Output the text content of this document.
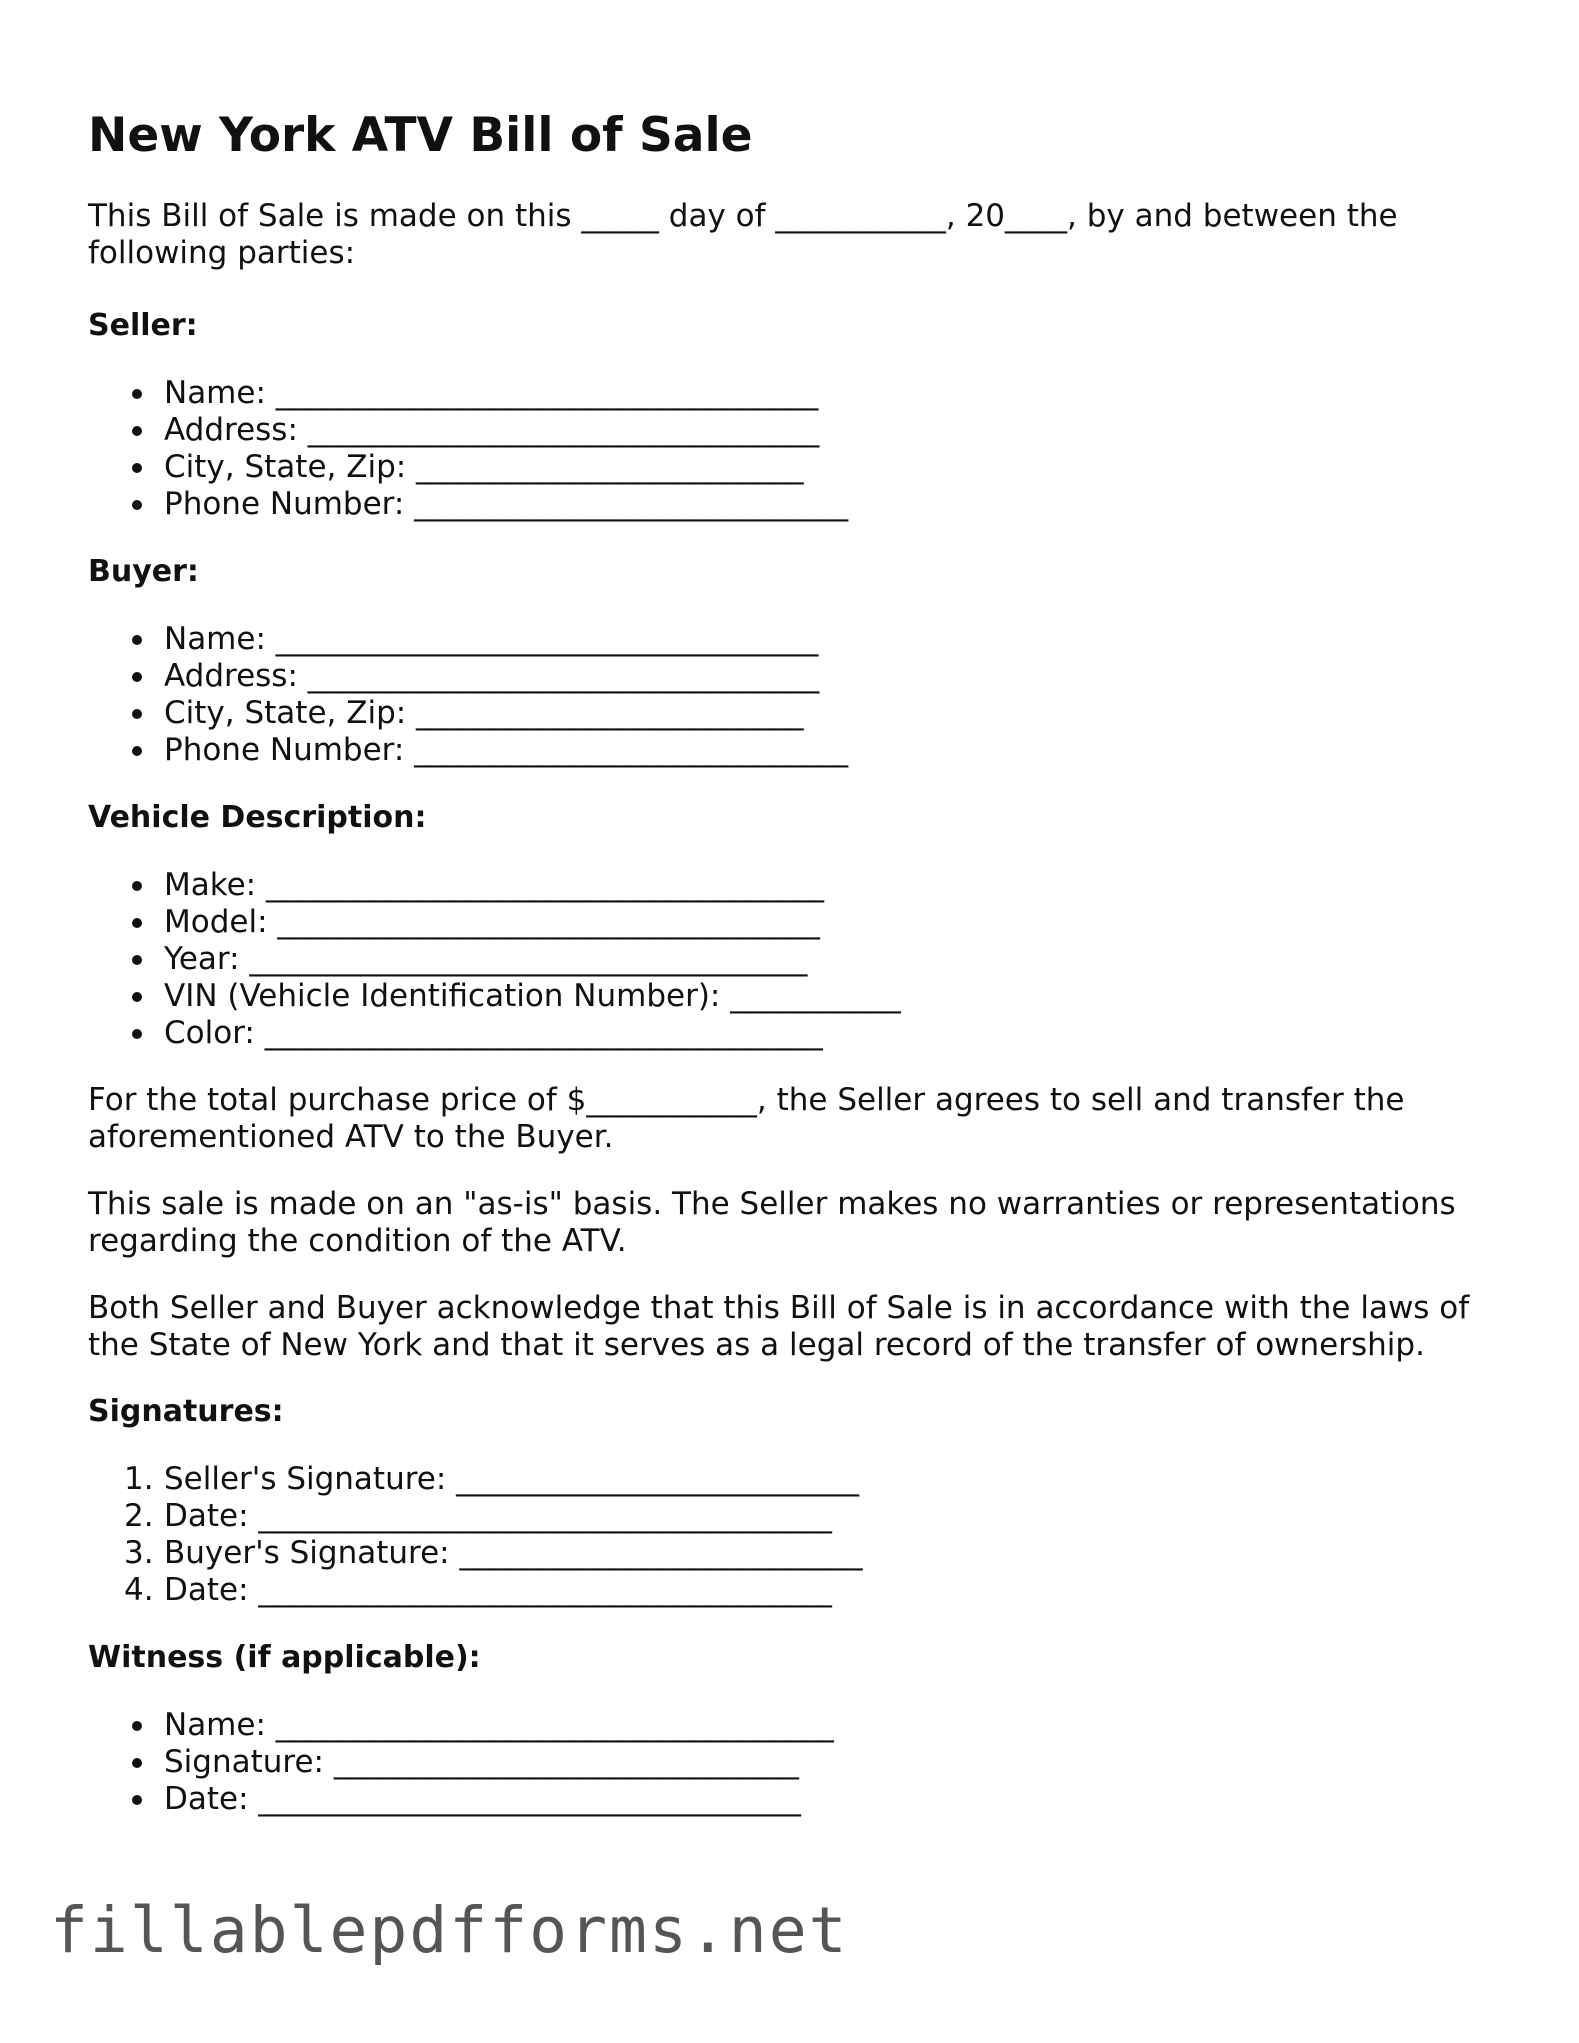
New York ATV Bill of Sale

This Bill of Sale is made on this _____ day of ___________, 20____, by and between the following parties:

Seller:

Name: ___________________________________
Address: _________________________________
City, State, Zip: _________________________
Phone Number: ____________________________

Buyer:

Name: ___________________________________
Address: _________________________________
City, State, Zip: _________________________
Phone Number: ____________________________

Vehicle Description:

Make: ____________________________________
Model: ___________________________________
Year: ____________________________________
VIN (Vehicle Identification Number): ___________
Color: ____________________________________

For the total purchase price of $___________, the Seller agrees to sell and transfer the aforementioned ATV to the Buyer.

This sale is made on an "as-is" basis. The Seller makes no warranties or representations regarding the condition of the ATV.

Both Seller and Buyer acknowledge that this Bill of Sale is in accordance with the laws of the State of New York and that it serves as a legal record of the transfer of ownership.

Signatures:

1. Seller's Signature: __________________________
2. Date: _____________________________________
3. Buyer's Signature: __________________________
4. Date: _____________________________________

Witness (if applicable):

Name: ____________________________________
Signature: ______________________________
Date: ___________________________________
fillablepdfforms.net
